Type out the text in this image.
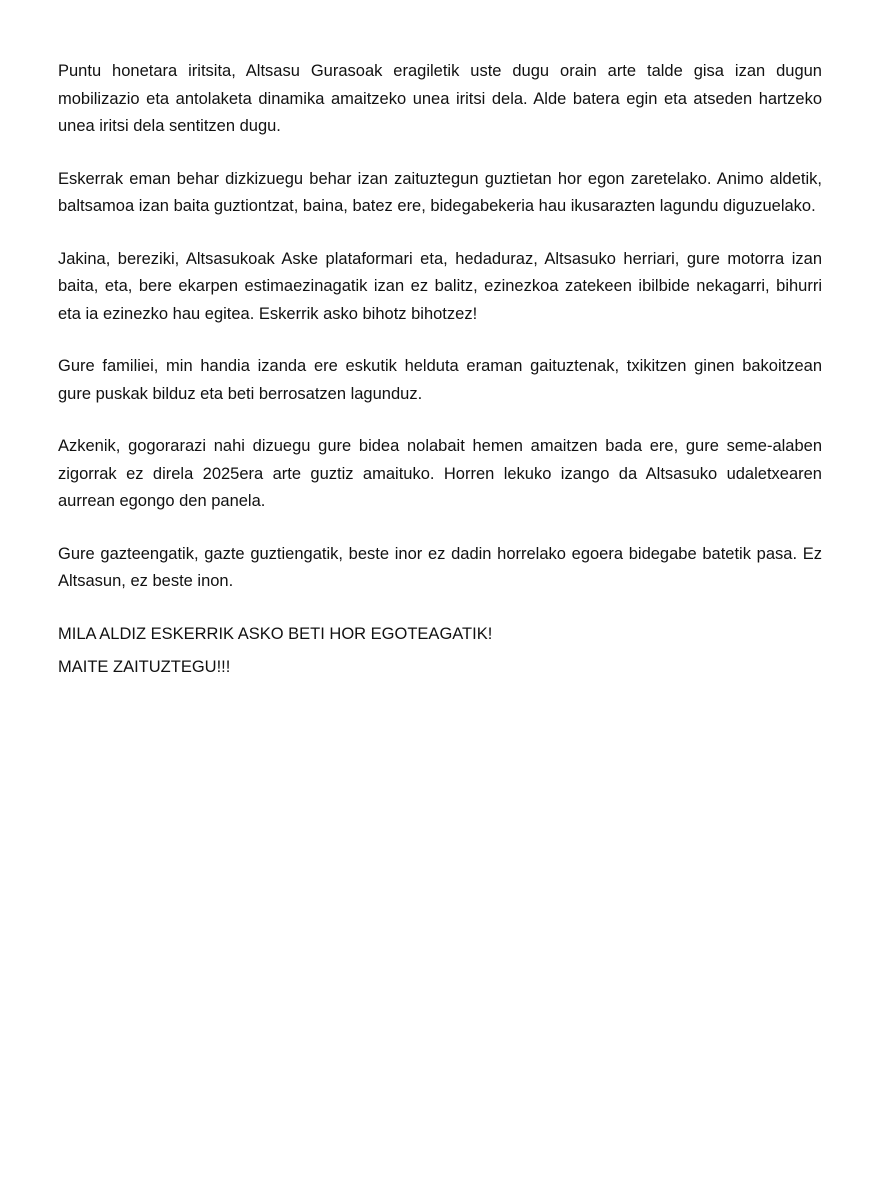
Puntu honetara iritsita, Altsasu Gurasoak eragiletik uste dugu orain arte talde gisa izan dugun mobilizazio eta antolaketa dinamika amaitzeko unea iritsi dela. Alde batera egin eta atseden hartzeko unea iritsi dela sentitzen dugu.

Eskerrak eman behar dizkizuegu behar izan zaituztegun guztietan hor egon zaretelako. Animo aldetik, baltsamoa izan baita guztiontzat, baina, batez ere, bidegabekeria hau ikusarazten lagundu diguzuelako.

Jakina, bereziki, Altsasukoak Aske plataformari eta, hedaduraz, Altsasuko herriari, gure motorra izan baita, eta, bere ekarpen estimaezinagatik izan ez balitz, ezinezkoa zatekeen ibilbide nekagarri, bihurri eta ia ezinezko hau egitea. Eskerrik asko bihotz bihotzez!

Gure familiei, min handia izanda ere eskutik helduta eraman gaituztenak, txikitzen ginen bakoitzean gure puskak bilduz eta beti berrosatzen lagunduz.

Azkenik, gogorarazi nahi dizuegu gure bidea nolabait hemen amaitzen bada ere, gure seme-alaben zigorrak ez direla 2025era arte guztiz amaituko. Horren lekuko izango da Altsasuko udaletxearen aurrean egongo den panela.

Gure gazteengatik, gazte guztiengatik, beste inor ez dadin horrelako egoera bidegabe batetik pasa. Ez Altsasun, ez beste inon.

MILA ALDIZ ESKERRIK ASKO BETI HOR EGOTEAGATIK!

MAITE ZAITUZTEGU!!!
